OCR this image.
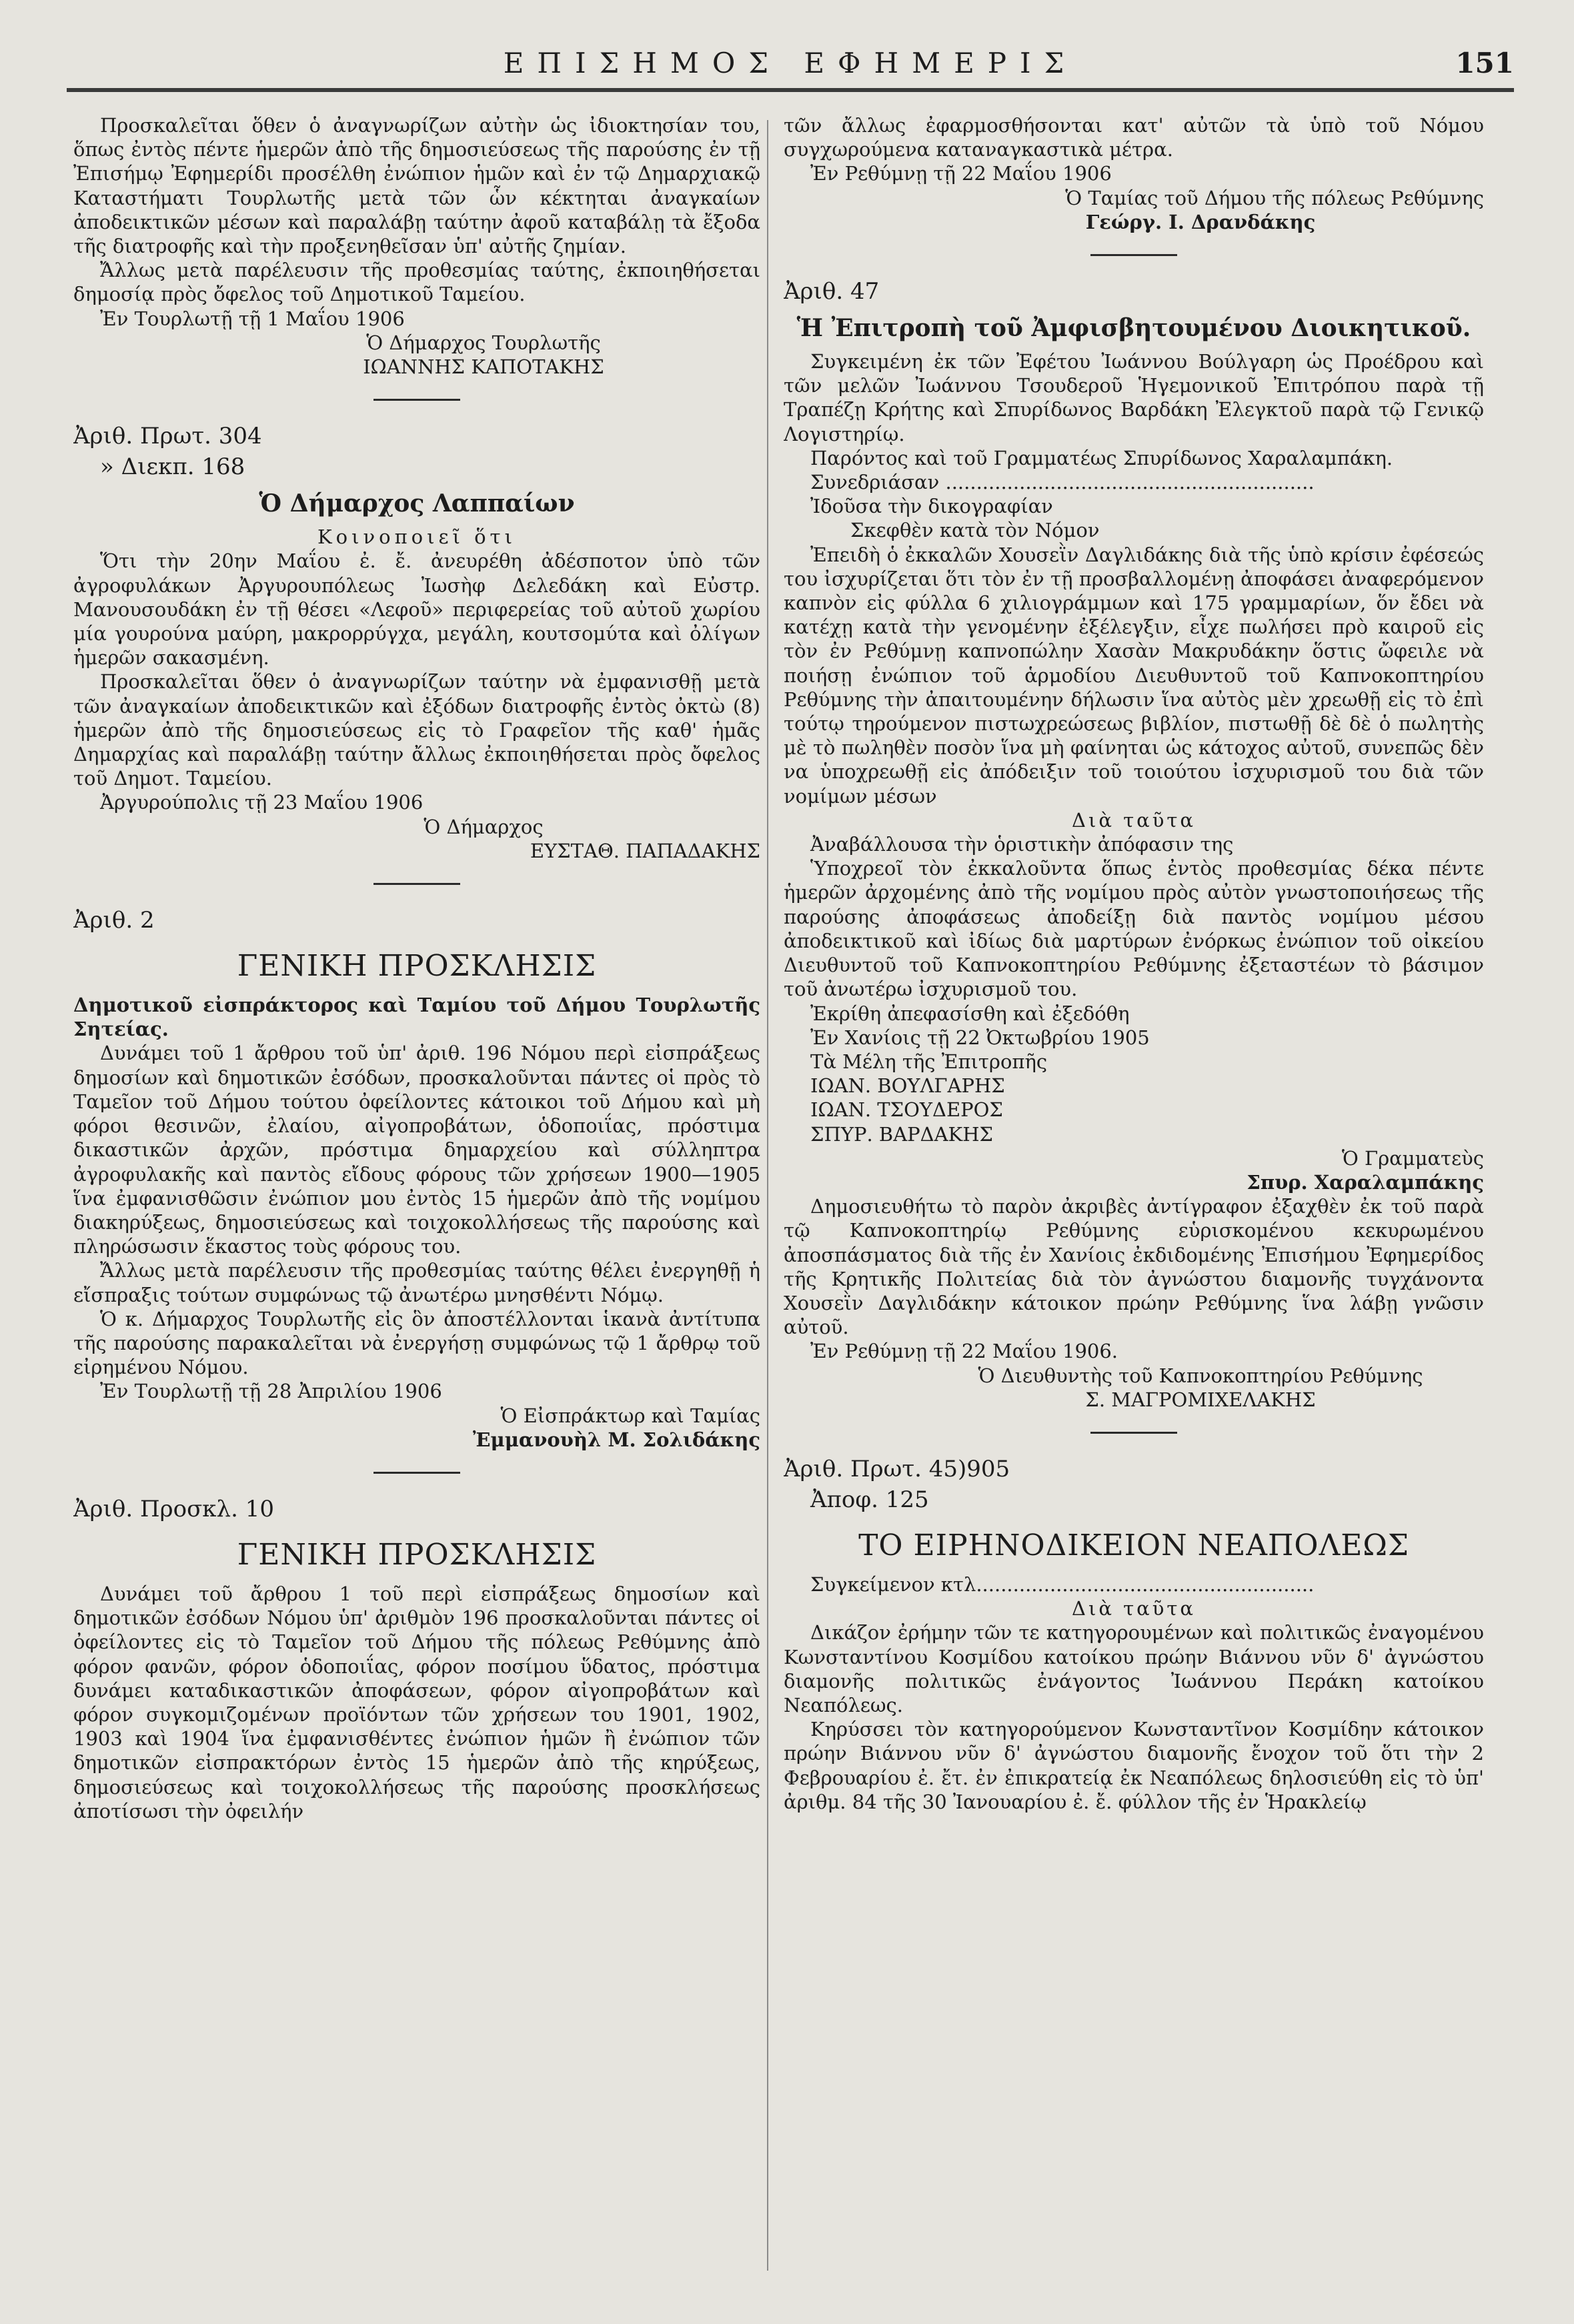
ΕΠΙΣΗΜΟΣ ΕΦΗΜΕΡΙΣ	151

Προσκαλεῖται ὅθεν ὁ ἀναγνωρίζων αὐτὴν ὡς ἰδιοκτησίαν του, ὅπως ἐντὸς πέντε ἡμερῶν ἀπὸ τῆς δημοσιεύσεως τῆς παρούσης ἐν τῇ Ἐπισήμῳ Ἐφημερίδι προσέλθη ἐνώπιον ἡμῶν καὶ ἐν τῷ Δημαρχιακῷ Καταστήματι Τουρλωτῆς μετὰ τῶν ὧν κέκτηται ἀναγκαίων ἀποδεικτικῶν μέσων καὶ παραλάβῃ ταύτην ἀφοῦ καταβάλῃ τὰ ἔξοδα τῆς διατροφῆς καὶ τὴν προξενηθεῖσαν ὑπ' αὐτῆς ζημίαν.

Ἄλλως μετὰ παρέλευσιν τῆς προθεσμίας ταύτης, ἐκποιηθήσεται δημοσίᾳ πρὸς ὄφελος τοῦ Δημοτικοῦ Ταμείου.

Ἐν Τουρλωτῇ τῇ 1 Μαΐου 1906

Ὁ Δήμαρχος Τουρλωτῆς

ΙΩΑΝΝΗΣ ΚΑΠΟΤΑΚΗΣ

Ἀριθ. Πρωτ. 304

» Διεκπ. 168

Ὁ Δήμαρχος Λαππαίων

Κοινοποιεῖ ὅτι

Ὅτι τὴν 20ην Μαΐου ἐ. ἔ. ἀνευρέθη ἀδέσποτον ὑπὸ τῶν ἀγροφυλάκων Ἀργυρουπόλεως Ἰωσὴφ Δελεδάκη καὶ Εὐστρ. Μανουσουδάκη ἐν τῇ θέσει «Λεφοῦ» περιφερείας τοῦ αὐτοῦ χωρίου μία γουρούνα μαύρη, μακρορρύγχα, μεγάλη, κουτσομύτα καὶ ὀλίγων ἡμερῶν σακασμένη.

Προσκαλεῖται ὅθεν ὁ ἀναγνωρίζων ταύτην νὰ ἐμφανισθῇ μετὰ τῶν ἀναγκαίων ἀποδεικτικῶν καὶ ἐξόδων διατροφῆς ἐντὸς ὀκτὼ (8) ἡμερῶν ἀπὸ τῆς δημοσιεύσεως εἰς τὸ Γραφεῖον τῆς καθ' ἡμᾶς Δημαρχίας καὶ παραλάβῃ ταύτην ἄλλως ἐκποιηθήσεται πρὸς ὄφελος τοῦ Δημοτ. Ταμείου.

Ἀργυρούπολις τῇ 23 Μαΐου 1906

Ὁ Δήμαρχος

ΕΥΣΤΑΘ. ΠΑΠΑΔΑΚΗΣ

Ἀριθ. 2

ΓΕΝΙΚΗ ΠΡΟΣΚΛΗΣΙΣ

Δημοτικοῦ εἰσπράκτορος καὶ Ταμίου τοῦ Δήμου Τουρλωτῆς Σητείας.

Δυνάμει τοῦ 1 ἄρθρου τοῦ ὑπ' ἀριθ. 196 Νόμου περὶ εἰσπράξεως δημοσίων καὶ δημοτικῶν ἐσόδων, προσκαλοῦνται πάντες οἱ πρὸς τὸ Ταμεῖον τοῦ Δήμου τούτου ὀφείλοντες κάτοικοι τοῦ Δήμου καὶ μὴ φόροι θεσινῶν, ἐλαίου, αἰγοπροβάτων, ὁδοποιΐας, πρόστιμα δικαστικῶν ἀρχῶν, πρόστιμα δημαρχείου καὶ σύλληπτρα ἀγροφυλακῆς καὶ παντὸς εἴδους φόρους τῶν χρήσεων 1900—1905 ἵνα ἐμφανισθῶσιν ἐνώπιον μου ἐντὸς 15 ἡμερῶν ἀπὸ τῆς νομίμου διακηρύξεως, δημοσιεύσεως καὶ τοιχοκολλήσεως τῆς παρούσης καὶ πληρώσωσιν ἕκαστος τοὺς φόρους του.

Ἄλλως μετὰ παρέλευσιν τῆς προθεσμίας ταύτης θέλει ἐνεργηθῇ ἡ εἴσπραξις τούτων συμφώνως τῷ ἀνωτέρω μνησθέντι Νόμῳ.

Ὁ κ. Δήμαρχος Τουρλωτῆς εἰς ὃν ἀποστέλλονται ἱκανὰ ἀντίτυπα τῆς παρούσης παρακαλεῖται νὰ ἐνεργήσῃ συμφώνως τῷ 1 ἄρθρῳ τοῦ εἰρημένου Νόμου.

Ἐν Τουρλωτῇ τῇ 28 Ἀπριλίου 1906

Ὁ Εἰσπράκτωρ καὶ Ταμίας

Ἐμμανουὴλ Μ. Σολιδάκης

Ἀριθ. Προσκλ. 10

ΓΕΝΙΚΗ ΠΡΟΣΚΛΗΣΙΣ

Δυνάμει τοῦ ἄρθρου 1 τοῦ περὶ εἰσπράξεως δημοσίων καὶ δημοτικῶν ἐσόδων Νόμου ὑπ' ἀριθμὸν 196 προσκαλοῦνται πάντες οἱ ὀφείλοντες εἰς τὸ Ταμεῖον τοῦ Δήμου τῆς πόλεως Ρεθύμνης ἀπὸ φόρον φανῶν, φόρον ὁδοποιΐας, φόρον ποσίμου ὕδατος, πρόστιμα δυνάμει καταδικαστικῶν ἀποφάσεων, φόρον αἰγοπροβάτων καὶ φόρον συγκομιζομένων προϊόντων τῶν χρήσεων του 1901, 1902, 1903 καὶ 1904 ἵνα ἐμφανισθέντες ἐνώπιον ἡμῶν ἢ ἐνώπιον τῶν δημοτικῶν εἰσπρακτόρων ἐντὸς 15 ἡμερῶν ἀπὸ τῆς κηρύξεως, δημοσιεύσεως καὶ τοιχοκολλήσεως τῆς παρούσης προσκλήσεως ἀποτίσωσι τὴν ὀφειλήν

τῶν ἄλλως ἐφαρμοσθήσονται κατ' αὐτῶν τὰ ὑπὸ τοῦ Νόμου συγχωρούμενα καταναγκαστικὰ μέτρα.

Ἐν Ρεθύμνῃ τῇ 22 Μαΐου 1906

Ὁ Ταμίας τοῦ Δήμου τῆς πόλεως Ρεθύμνης

Γεώργ. Ι. Δρανδάκης

Ἀριθ. 47

Ἡ Ἐπιτροπὴ τοῦ Ἀμφισβητουμένου Διοικητικοῦ.

Συγκειμένη ἐκ τῶν Ἐφέτου Ἰωάννου Βούλγαρη ὡς Προέδρου καὶ τῶν μελῶν Ἰωάννου Τσουδεροῦ Ἡγεμονικοῦ Ἐπιτρόπου παρὰ τῇ Τραπέζῃ Κρήτης καὶ Σπυρίδωνος Βαρδάκη Ἐλεγκτοῦ παρὰ τῷ Γενικῷ Λογιστηρίῳ.

Παρόντος καὶ τοῦ Γραμματέως Σπυρίδωνος Χαραλαμπάκη.

Συνεδριάσαν ............................................................

Ἰδοῦσα τὴν δικογραφίαν

Σκεφθὲν κατὰ τὸν Νόμον

Ἐπειδὴ ὁ ἐκκαλῶν Χουσεῒν Δαγλιδάκης διὰ τῆς ὑπὸ κρίσιν ἐφέσεώς του ἰσχυρίζεται ὅτι τὸν ἐν τῇ προσβαλλομένῃ ἀποφάσει ἀναφερόμενον καπνὸν εἰς φύλλα 6 χιλιογράμμων καὶ 175 γραμμαρίων, ὅν ἔδει νὰ κατέχῃ κατὰ τὴν γενομένην ἐξέλεγξιν, εἶχε πωλήσει πρὸ καιροῦ εἰς τὸν ἐν Ρεθύμνῃ καπνοπώλην Χασὰν Μακρυδάκην ὅστις ὤφειλε νὰ ποιήσῃ ἐνώπιον τοῦ ἁρμοδίου Διευθυντοῦ τοῦ Καπνοκοπτηρίου Ρεθύμνης τὴν ἀπαιτουμένην δήλωσιν ἵνα αὐτὸς μὲν χρεωθῇ εἰς τὸ ἐπὶ τούτῳ τηρούμενον πιστωχρεώσεως βιβλίον, πιστωθῇ δὲ δὲ ὁ πωλητὴς μὲ τὸ πωληθὲν ποσὸν ἵνα μὴ φαίνηται ὡς κάτοχος αὐτοῦ, συνεπῶς δὲν να ὑποχρεωθῇ εἰς ἀπόδειξιν τοῦ τοιούτου ἰσχυρισμοῦ του διὰ τῶν νομίμων μέσων

Διὰ ταῦτα

Ἀναβάλλουσα τὴν ὁριστικὴν ἀπόφασιν της

Ὑποχρεοῖ τὸν ἐκκαλοῦντα ὅπως ἐντὸς προθεσμίας δέκα πέντε ἡμερῶν ἀρχομένης ἀπὸ τῆς νομίμου πρὸς αὐτὸν γνωστοποιήσεως τῆς παρούσης ἀποφάσεως ἀποδείξῃ διὰ παντὸς νομίμου μέσου ἀποδεικτικοῦ καὶ ἰδίως διὰ μαρτύρων ἐνόρκως ἐνώπιον τοῦ οἰκείου Διευθυντοῦ τοῦ Καπνοκοπτηρίου Ρεθύμνης ἐξεταστέων τὸ βάσιμον τοῦ ἀνωτέρω ἰσχυρισμοῦ του.

Ἐκρίθη ἀπεφασίσθη καὶ ἐξεδόθη

Ἐν Χανίοις τῇ 22 Ὀκτωβρίου 1905

Τὰ Μέλη τῆς Ἐπιτροπῆς

ΙΩΑΝ. ΒΟΥΛΓΑΡΗΣ

ΙΩΑΝ. ΤΣΟΥΔΕΡΟΣ

ΣΠΥΡ. ΒΑΡΔΑΚΗΣ

Ὁ Γραμματεὺς

Σπυρ. Χαραλαμπάκης

Δημοσιευθήτω τὸ παρὸν ἀκριβὲς ἀντίγραφον ἐξαχθὲν ἐκ τοῦ παρὰ τῷ Καπνοκοπτηρίῳ Ρεθύμνης εὑρισκομένου κεκυρωμένου ἀποσπάσματος διὰ τῆς ἐν Χανίοις ἐκδιδομένης Ἐπισήμου Ἐφημερίδος τῆς Κρητικῆς Πολιτείας διὰ τὸν ἀγνώστου διαμονῆς τυγχάνοντα Χουσεῒν Δαγλιδάκην κάτοικον πρώην Ρεθύμνης ἵνα λάβῃ γνῶσιν αὐτοῦ.

Ἐν Ρεθύμνῃ τῇ 22 Μαΐου 1906.

Ὁ Διευθυντὴς τοῦ Καπνοκοπτηρίου Ρεθύμνης

Σ. ΜΑΓΡΟΜΙΧΕΛΑΚΗΣ

Ἀριθ. Πρωτ. 45)905

Ἀποφ. 125

ΤΟ ΕΙΡΗΝΟΔΙΚΕΙΟΝ ΝΕΑΠΟΛΕΩΣ

Συγκείμενον κτλ.......................................................

Διὰ ταῦτα

Δικάζον ἐρήμην τῶν τε κατηγορουμένων καὶ πολιτικῶς ἐναγομένου Κωνσταντίνου Κοσμίδου κατοίκου πρώην Βιάννου νῦν δ' ἀγνώστου διαμονῆς πολιτικῶς ἐνάγοντος Ἰωάννου Περάκη κατοίκου Νεαπόλεως.

Κηρύσσει τὸν κατηγορούμενον Κωνσταντῖνον Κοσμίδην κάτοικον πρώην Βιάννου νῦν δ' ἀγνώστου διαμονῆς ἔνοχον τοῦ ὅτι τὴν 2 Φεβρουαρίου ἐ. ἔτ. ἐν ἐπικρατείᾳ ἐκ Νεαπόλεως δηλοσιεύθη εἰς τὸ ὑπ' ἀριθμ. 84 τῆς 30 Ἰανουαρίου ἐ. ἔ. φύλλον τῆς ἐν Ἡρακλείῳ
